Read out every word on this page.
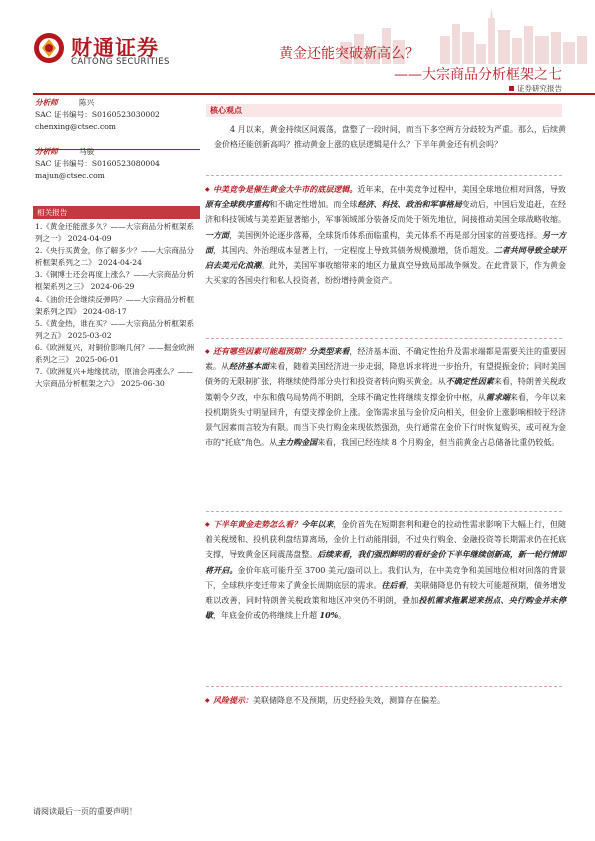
财通证券
CAITONG SECURITIES	黄金还能突破新高么？
——大宗商品分析框架之七
证券研究报告
分析师	陈兴
SAC 证书编号：S0160523030002
chenxing@ctsec.com
分析师	马骏
SAC 证书编号：S0160523080004
majun@ctsec.com
相关报告
1.《黄金还能涨多久？——大宗商品分析框架系列之一》 2024-04-09
2.《央行买黄金，你了解多少？——大宗商品分析框架系列之二》 2024-04-24
3.《铜博士还会再度上涨么？——大宗商品分析框架系列之三》 2024-06-29
4.《油价还会继续反弹吗？——大宗商品分析框架系列之四》 2024-08-17
5.《黄金热，谁在买？——大宗商品分析框架系列之五》 2025-03-02
6.《欧洲复兴，对铜价影响几何？——掘金欧洲系列之三》 2025-06-01
7.《欧洲复兴+地缘扰动，原油会再涨么？——大宗商品分析框架之六》 2025-06-30
核心观点
4 月以来，黄金持续区间震荡，盘整了一段时间，而当下多空两方分歧较为严重。那么，后续黄金价格还能创新高吗？推动黄金上涨的底层逻辑是什么？下半年黄金还有机会吗？
◆ 中美竞争是催生黄金大牛市的底层逻辑。近年来，在中美竞争过程中，美国全球地位相对回落，导致原有全球秩序重构和不确定性增加。而全球经济、科技、政治和军事格局变动后，中国后发追赶，在经济和科技领域与美差距显著缩小，军事领域部分装备反而处于领先地位，间接推动美国全球战略收缩。一方面，美国例外论逐步落幕，全球货币体系面临重构，美元体系不再是部分国家的首要选择。另一方面，其国内、外治理成本显著上行，一定程度上导致其债务规模激增，货币超发。二者共同导致全球开启去美元化浪潮。此外，美国军事收缩带来的地区力量真空导致局部战争频发。在此背景下，作为黄金大买家的各国央行和私人投资者，纷纷增持黄金资产。
◆ 还有哪些因素可能超预期？分类型来看，经济基本面、不确定性抬升及需求端都是需要关注的重要因素。从经济基本面来看，随着美国经济进一步走弱，降息诉求将进一步抬升，有望提振金价；同时美国债务的无限制扩张，将继续使得部分央行和投资者转向购买黄金。从不确定性因素来看，特朗普关税政策朝令夕改，中东和俄乌局势尚不明朗，全球不确定性将继续支撑金价中枢，从需求端来看，今年以来投机期货头寸明显回升，有望支撑金价上涨。金饰需求虽与金价反向相关，但金价上涨影响相较于经济景气因素而言较为有限。而当下央行购金来现依然强劲，央行通常在金价下行时恢复购买，或可视为金市的“托底”角色。从主力购金国来看，我国已经连续 8 个月购金，但当前黄金占总储备比重仍较低。
◆ 下半年黄金走势怎么看？今年以来，金价首先在短期套利和避仓的拉动性需求影响下大幅上行，但随着关税缓和、投机获利盘结算离场，金价上行动能削弱，不过央行购金、金融投资等长期需求仍在托底支撑，导致黄金区间震荡盘整。后续来看，我们强烈鲜明的看好金价下半年继续创新高，新一轮行情即将开启。金价年底可能升至 3700 美元/盎司以上。我们认为，在中美竞争和美国地位相对回落的背景下，全球秩序变迁带来了黄金长周期底层的需求。往后看，美联储降息仍有较大可能超预期，债务增发难以改善，同时特朗普关税政策和地区冲突仍不明朗，叠加投机需求拖累逆来拐点、央行购金并未停歇，年底金价或仍将继续上升超 10%。
◆ 风险提示：美联储降息不及预期，历史经验失效，测算存在偏差。
请阅读最后一页的重要声明！
